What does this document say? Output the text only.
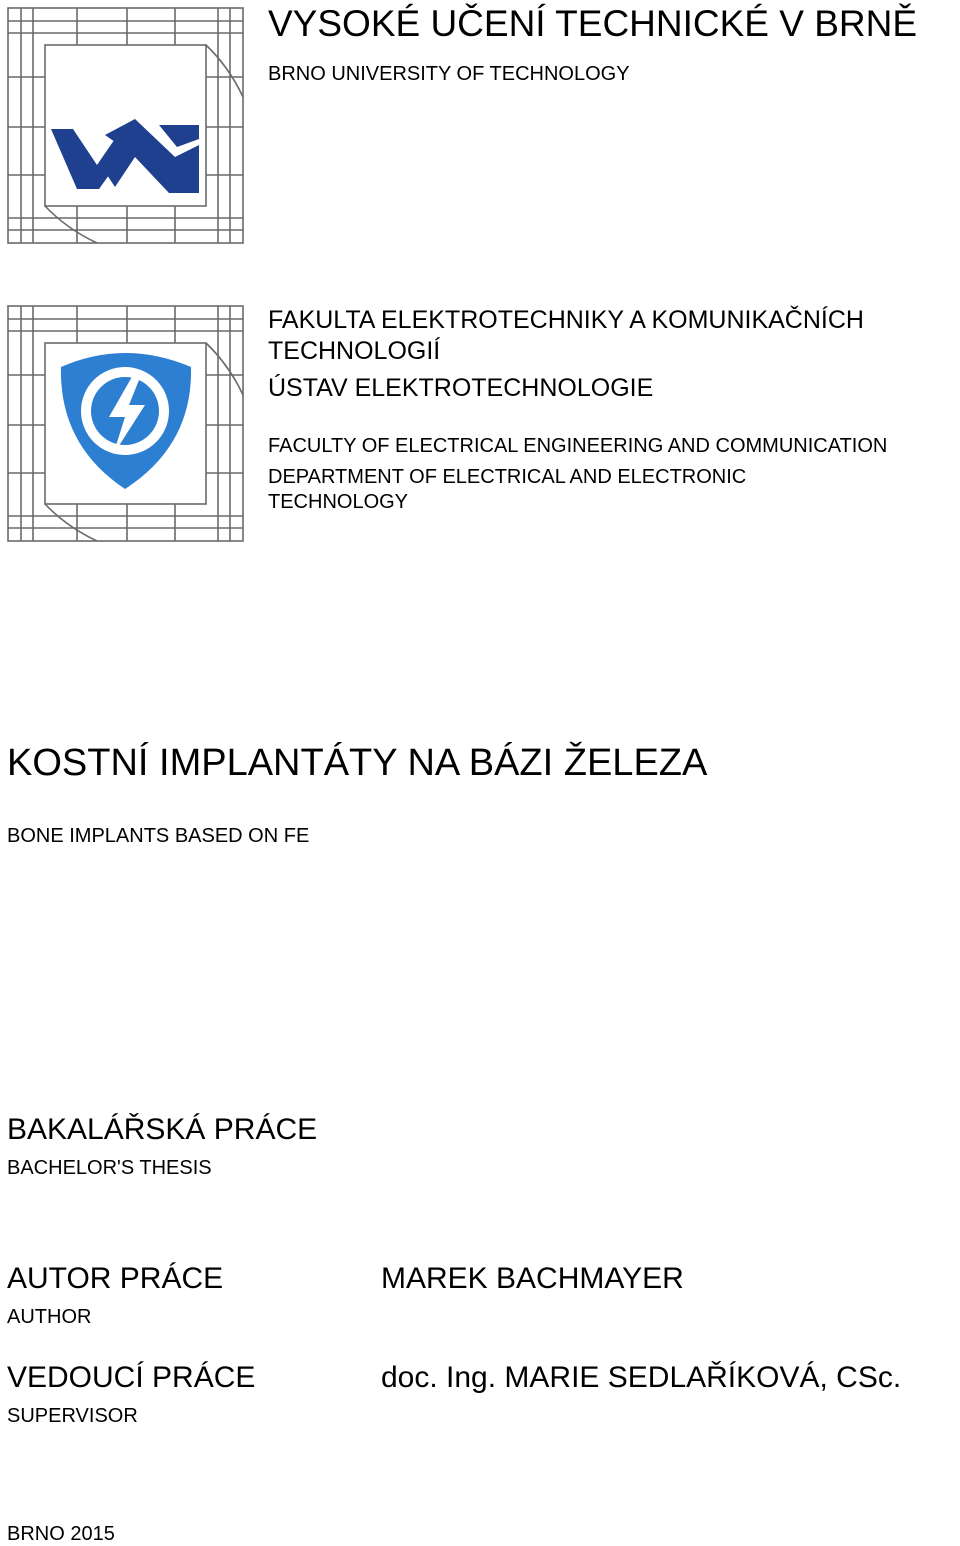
VYSOKÉ UČENÍ TECHNICKÉ V BRNĚ
BRNO UNIVERSITY OF TECHNOLOGY
FAKULTA ELEKTROTECHNIKY A KOMUNIKAČNÍCH TECHNOLOGIÍ
ÚSTAV ELEKTROTECHNOLOGIE
FACULTY OF ELECTRICAL ENGINEERING AND COMMUNICATION
DEPARTMENT OF ELECTRICAL AND ELECTRONIC TECHNOLOGY
KOSTNÍ IMPLANTÁTY NA BÁZI ŽELEZA
BONE IMPLANTS BASED ON FE
BAKALÁŘSKÁ PRÁCE
BACHELOR'S THESIS
AUTOR PRÁCE
AUTHOR
MAREK BACHMAYER
VEDOUCÍ PRÁCE
SUPERVISOR
doc. Ing. MARIE SEDLAŘÍKOVÁ, CSc.
BRNO 2015
